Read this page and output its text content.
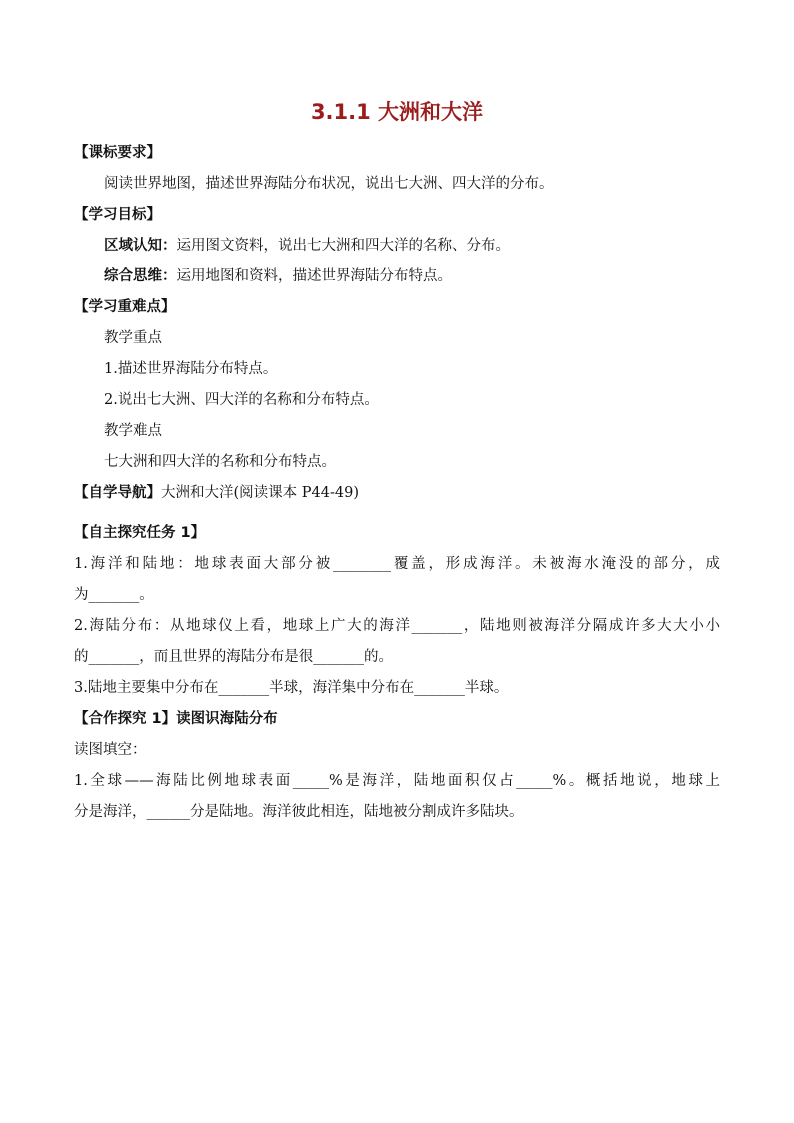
3.1.1 大洲和大洋
【课标要求】
阅读世界地图，描述世界海陆分布状况，说出七大洲、四大洋的分布。
【学习目标】
区域认知：运用图文资料，说出七大洲和四大洋的名称、分布。
综合思维：运用地图和资料，描述世界海陆分布特点。
【学习重难点】
教学重点
1.描述世界海陆分布特点。
2.说出七大洲、四大洋的名称和分布特点。
教学难点
七大洲和四大洋的名称和分布特点。
【自学导航】大洲和大洋(阅读课本 P44-49)
【自主探究任务 1】
1.海洋和陆地：地球表面大部分被________覆盖，形成海洋。未被海水淹没的部分，成
为_______。
2.海陆分布：从地球仪上看，地球上广大的海洋_______，陆地则被海洋分隔成许多大大小小
的_______，而且世界的海陆分布是很_______的。
3.陆地主要集中分布在_______半球，海洋集中分布在_______半球。
【合作探究 1】读图识海陆分布
读图填空：
1.全球——海陆比例地球表面_____%是海洋，陆地面积仅占_____%。概括地说，地球上
分是海洋，______分是陆地。海洋彼此相连，陆地被分割成许多陆块。
